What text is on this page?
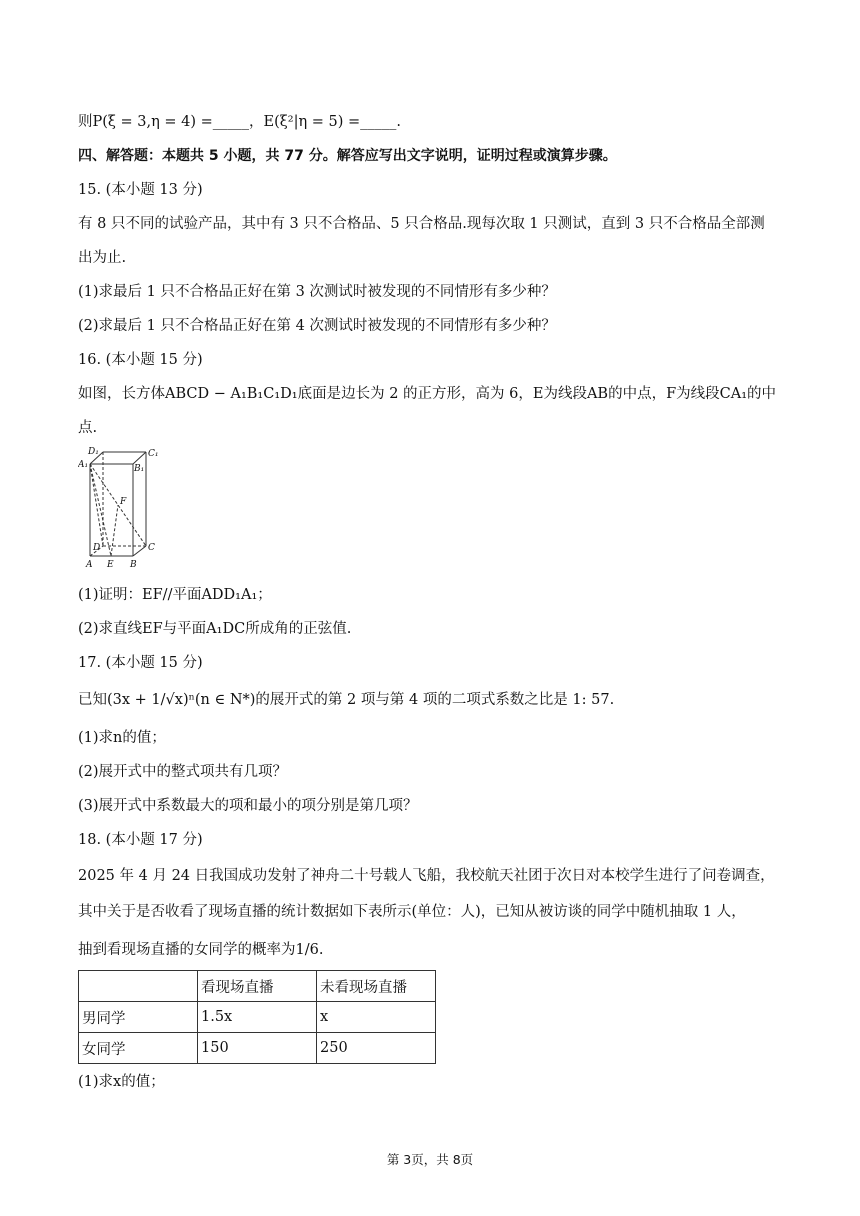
则P(ξ = 3,η = 4) =_____，E(ξ²|η = 5) =_____.
四、解答题：本题共 5 小题，共 77 分。解答应写出文字说明，证明过程或演算步骤。
15. (本小题 13 分)
有 8 只不同的试验产品，其中有 3 只不合格品、5 只合格品.现每次取 1 只测试，直到 3 只不合格品全部测
出为止.
(1)求最后 1 只不合格品正好在第 3 次测试时被发现的不同情形有多少种？
(2)求最后 1 只不合格品正好在第 4 次测试时被发现的不同情形有多少种？
16. (本小题 15 分)
如图，长方体ABCD − A₁B₁C₁D₁底面是边长为 2 的正方形，高为 6，E为线段AB的中点，F为线段CA₁的中
点.
D₁	C₁
A₁	B₁
F
D	C
A E B
(1)证明：EF//平面ADD₁A₁；
(2)求直线EF与平面A₁DC所成角的正弦值.
17. (本小题 15 分)
已知(3x + 1/√x)ⁿ(n ∈ N*)的展开式的第 2 项与第 4 项的二项式系数之比是 1: 57.
(1)求n的值；
(2)展开式中的整式项共有几项？
(3)展开式中系数最大的项和最小的项分别是第几项？
18. (本小题 17 分)
2025 年 4 月 24 日我国成功发射了神舟二十号载人飞船，我校航天社团于次日对本校学生进行了问卷调查，
其中关于是否收看了现场直播的统计数据如下表所示(单位：人)，已知从被访谈的同学中随机抽取 1 人，
抽到看现场直播的女同学的概率为1/6.
	看现场直播	未看现场直播
男同学	1.5x	x
女同学	150	250
(1)求x的值；
第 3页，共 8页
